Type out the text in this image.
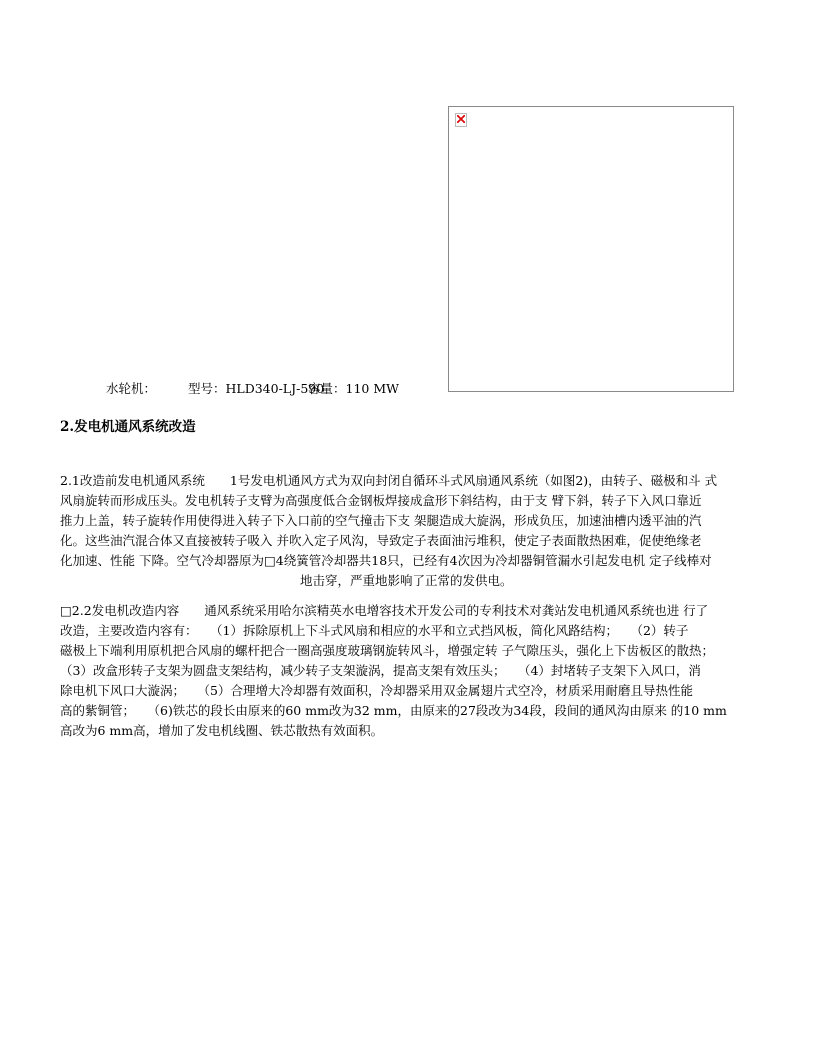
水轮机：	型号：HLD340-LJ-590容量：110 MW
2.发电机通风系统改造
2.1改造前发电机通风系统　　1号发电机通风方式为双向封闭自循环斗式风扇通风系统（如图2)，由转子、磁极和斗 式
风扇旋转而形成压头。发电机转子支臂为高强度低合金钢板焊接成盒形下斜结构，由于支 臂下斜，转子下入风口靠近
推力上盖，转子旋转作用使得进入转子下入口前的空气撞击下支 架腿造成大旋涡，形成负压，加速油槽内透平油的汽
化。这些油汽混合体又直接被转子吸入 并吹入定子风沟，导致定子表面油污堆积，使定子表面散热困难，促使绝缘老
化加速、性能 下降。空气冷却器原为□4绕簧管冷却器共18只，已经有4次因为冷却器铜管漏水引起发电机 定子线棒对
地击穿，严重地影响了正常的发供电。
□2.2发电机改造内容　　通风系统采用哈尔滨精英水电增容技术开发公司的专利技术对龚站发电机通风系统也进 行了
改造，主要改造内容有：　　（1）拆除原机上下斗式风扇和相应的水平和立式挡风板，简化风路结构；　　（2）转子
磁极上下端利用原机把合风扇的螺杆把合一圈高强度玻璃钢旋转风斗，增强定转 子气隙压头，强化上下齿板区的散热；
（3）改盒形转子支架为圆盘支架结构，减少转子支架漩涡，提高支架有效压头；　　（4）封堵转子支架下入风口，消
除电机下风口大漩涡；　　（5）合理增大冷却器有效面积，冷却器采用双金属翅片式空冷，材质采用耐磨且导热性能
高的紫铜管；　　（6)铁芯的段长由原来的60 mm改为32 mm，由原来的27段改为34段，段间的通风沟由原来 的10 mm
高改为6 mm高，增加了发电机线圈、铁芯散热有效面积。
